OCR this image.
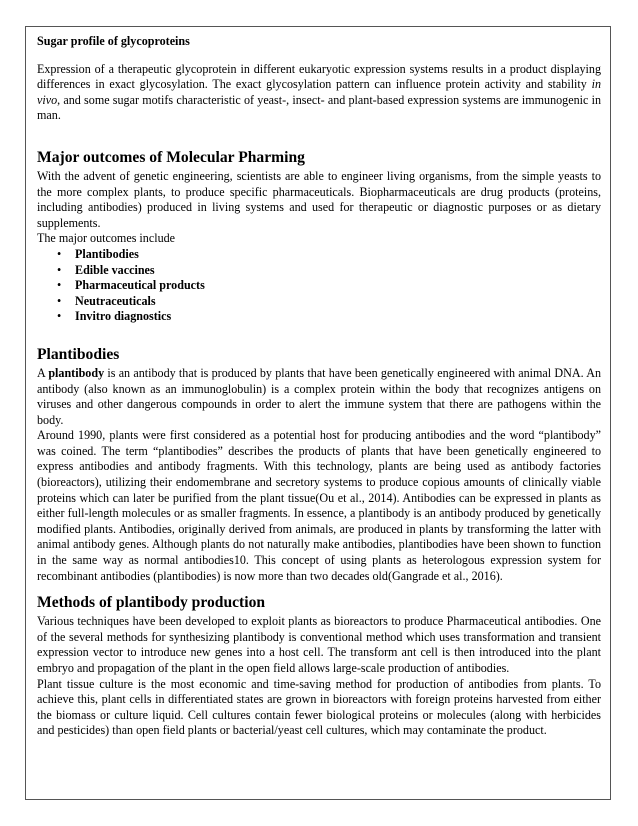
Sugar profile of glycoproteins

Expression of a therapeutic glycoprotein in different eukaryotic expression systems results in a product displaying differences in exact glycosylation. The exact glycosylation pattern can influence protein activity and stability in vivo, and some sugar motifs characteristic of yeast-, insect- and plant-based expression systems are immunogenic in man.

Major outcomes of Molecular Pharming

With the advent of genetic engineering, scientists are able to engineer living organisms, from the simple yeasts to the more complex plants, to produce specific pharmaceuticals. Biopharmaceuticals are drug products (proteins, including antibodies) produced in living systems and used for therapeutic or diagnostic purposes or as dietary supplements.

The major outcomes include

• Plantibodies
• Edible vaccines
• Pharmaceutical products
• Neutraceuticals
• Invitro diagnostics
Plantibodies

A plantibody is an antibody that is produced by plants that have been genetically engineered with animal DNA. An antibody (also known as an immunoglobulin) is a complex protein within the body that recognizes antigens on viruses and other dangerous compounds in order to alert the immune system that there are pathogens within the body.

Around 1990, plants were first considered as a potential host for producing antibodies and the word “plantibody” was coined. The term “plantibodies” describes the products of plants that have been genetically engineered to express antibodies and antibody fragments. With this technology, plants are being used as antibody factories (bioreactors), utilizing their endomembrane and secretory systems to produce copious amounts of clinically viable proteins which can later be purified from the plant tissue(Ou et al., 2014). Antibodies can be expressed in plants as either full-length molecules or as smaller fragments. In essence, a plantibody is an antibody produced by genetically modified plants. Antibodies, originally derived from animals, are produced in plants by transforming the latter with animal antibody genes. Although plants do not naturally make antibodies, plantibodies have been shown to function in the same way as normal antibodies10. This concept of using plants as heterologous expression system for recombinant antibodies (plantibodies) is now more than two decades old(Gangrade et al., 2016).

Methods of plantibody production

Various techniques have been developed to exploit plants as bioreactors to produce Pharmaceutical antibodies. One of the several methods for synthesizing plantibody is conventional method which uses transformation and transient expression vector to introduce new genes into a host cell. The transform ant cell is then introduced into the plant embryo and propagation of the plant in the open field allows large-scale production of antibodies.

Plant tissue culture is the most economic and time-saving method for production of antibodies from plants. To achieve this, plant cells in differentiated states are grown in bioreactors with foreign proteins harvested from either the biomass or culture liquid. Cell cultures contain fewer biological proteins or molecules (along with herbicides and pesticides) than open field plants or bacterial/yeast cell cultures, which may contaminate the product.
